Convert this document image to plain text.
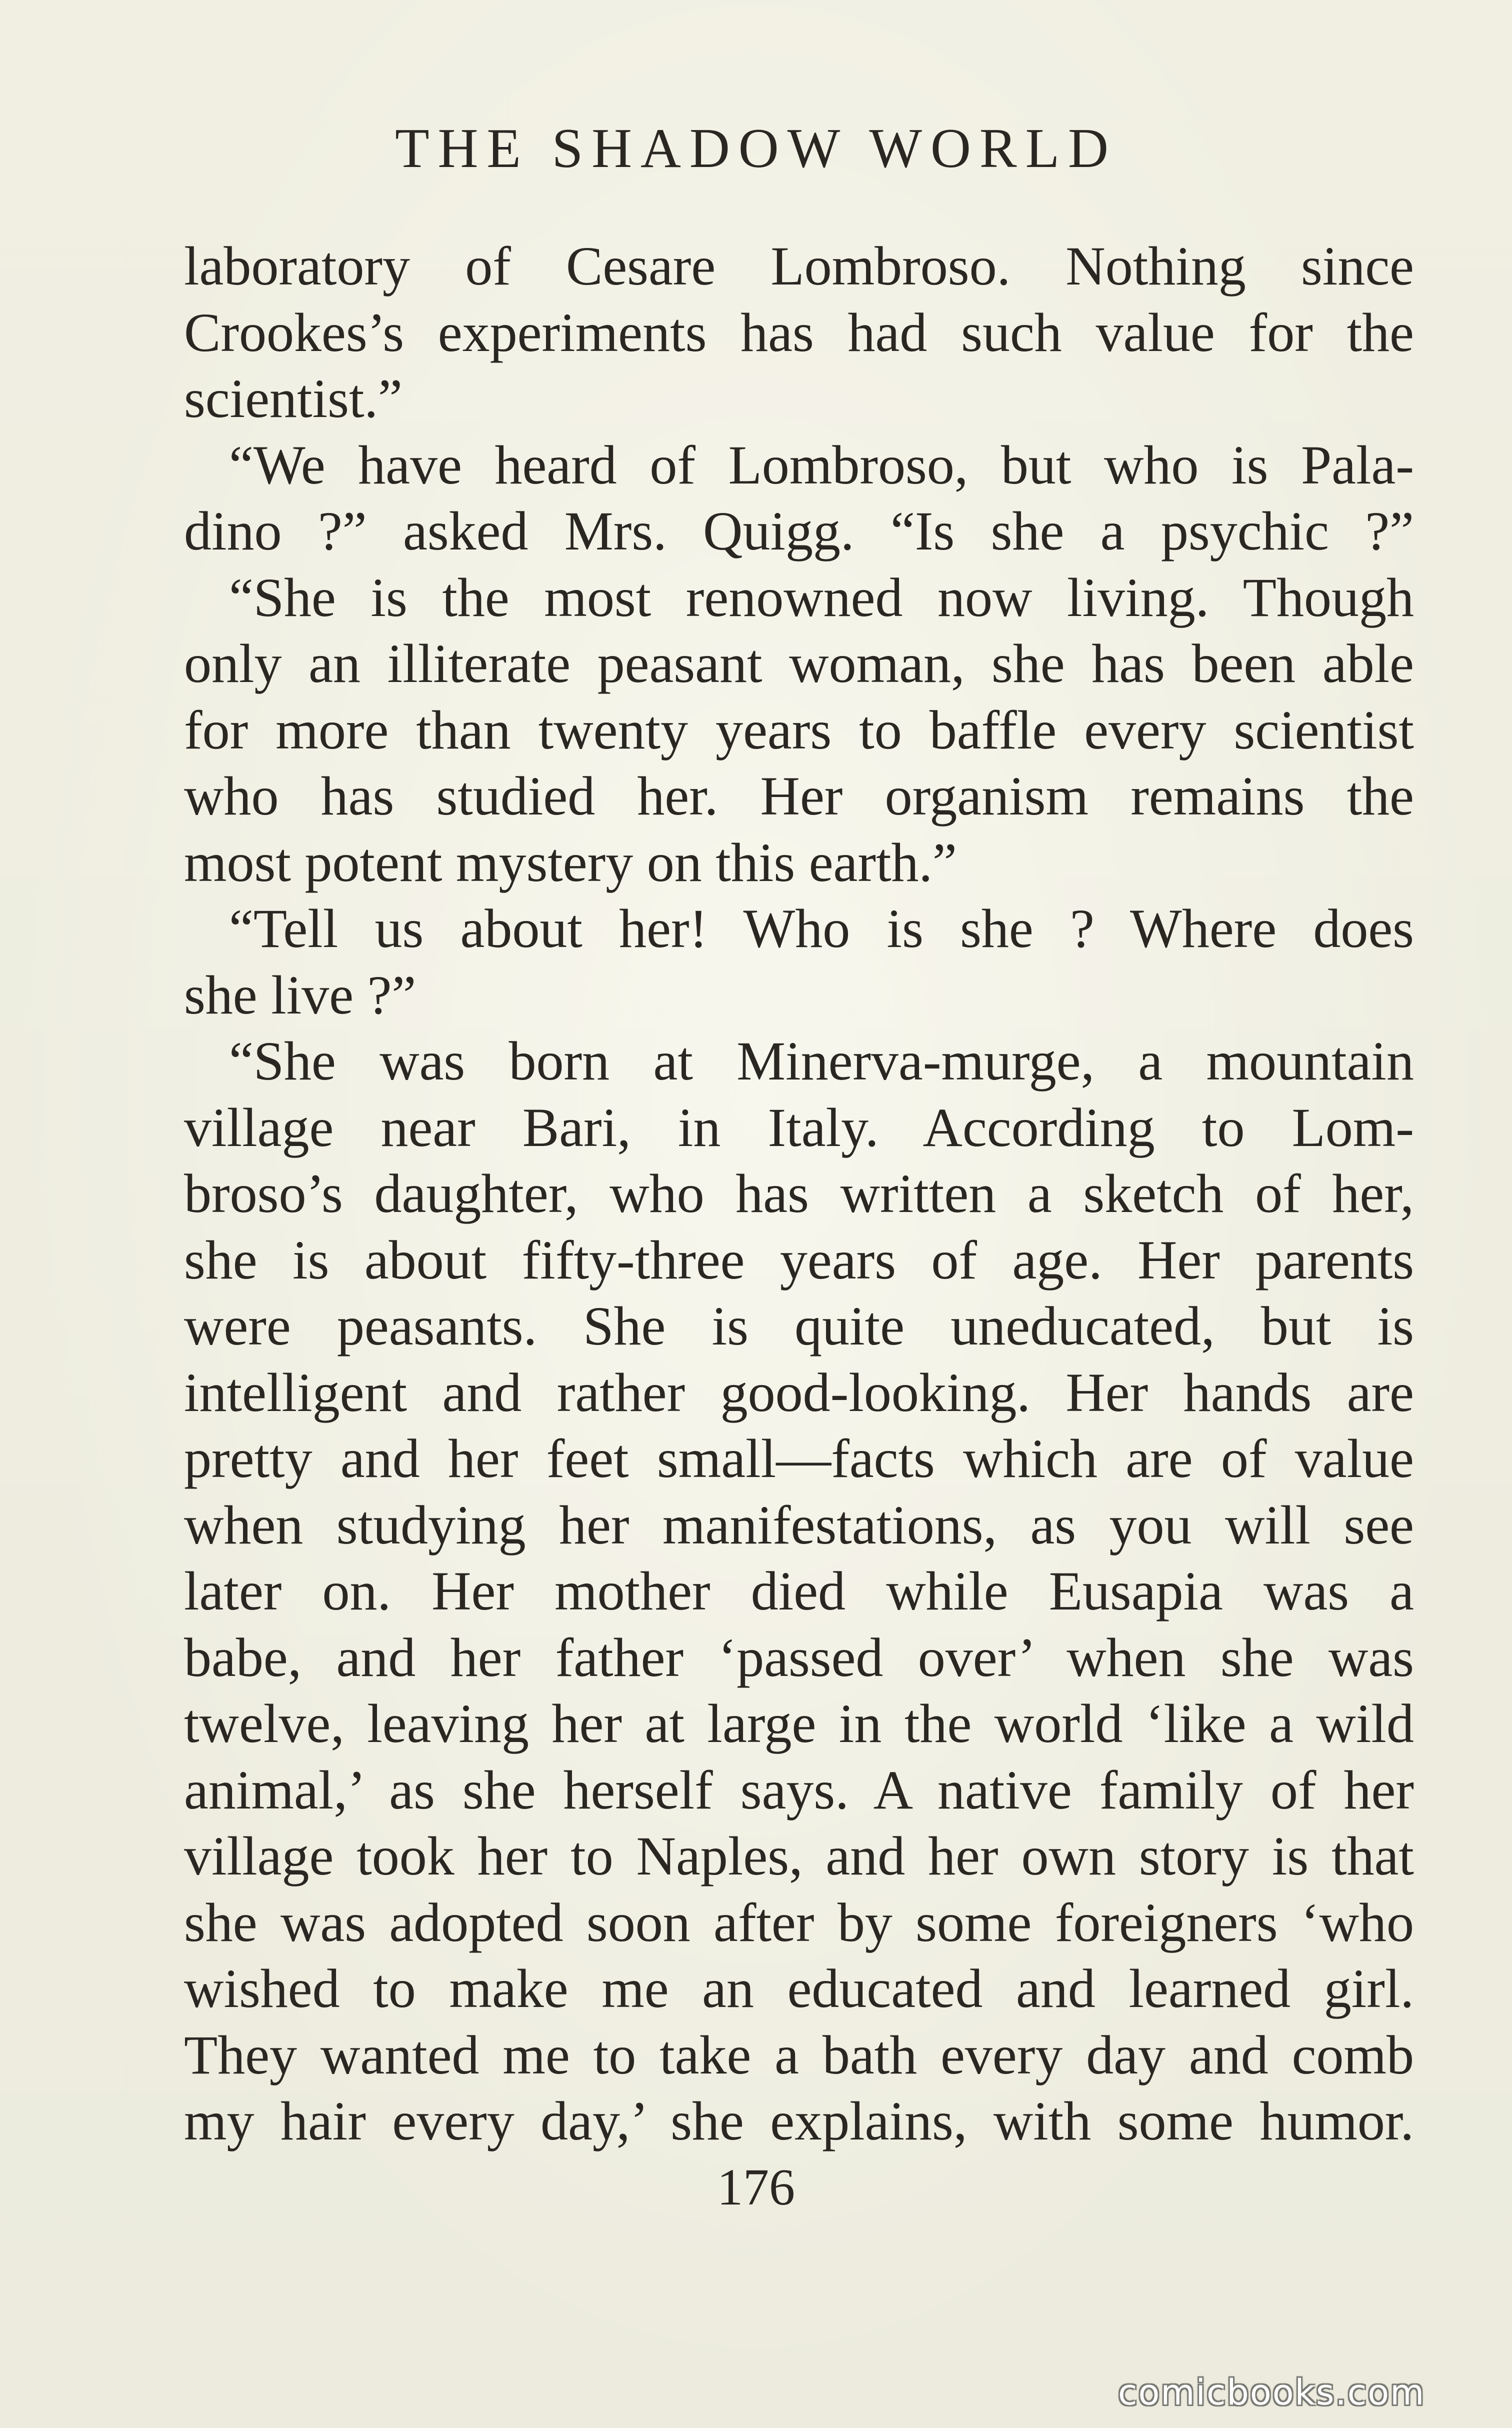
THE SHADOW WORLD
laboratory of Cesare Lombroso. Nothing since
Crookes’s experiments has had such value for the
scientist.”
“We have heard of Lombroso, but who is Pala-
dino ?” asked Mrs. Quigg. “Is she a psychic ?”
“She is the most renowned now living. Though
only an illiterate peasant woman, she has been able
for more than twenty years to baffle every scientist
who has studied her. Her organism remains the
most potent mystery on this earth.”
“Tell us about her! Who is she ? Where does
she live ?”
“She was born at Minerva-murge, a mountain
village near Bari, in Italy. According to Lom-
broso’s daughter, who has written a sketch of her,
she is about fifty-three years of age. Her parents
were peasants. She is quite uneducated, but is
intelligent and rather good-looking. Her hands are
pretty and her feet small—facts which are of value
when studying her manifestations, as you will see
later on. Her mother died while Eusapia was a
babe, and her father ‘passed over’ when she was
twelve, leaving her at large in the world ‘like a wild
animal,’ as she herself says. A native family of her
village took her to Naples, and her own story is that
she was adopted soon after by some foreigners ‘who
wished to make me an educated and learned girl.
They wanted me to take a bath every day and comb
my hair every day,’ she explains, with some humor.
176
comicbooks.com
